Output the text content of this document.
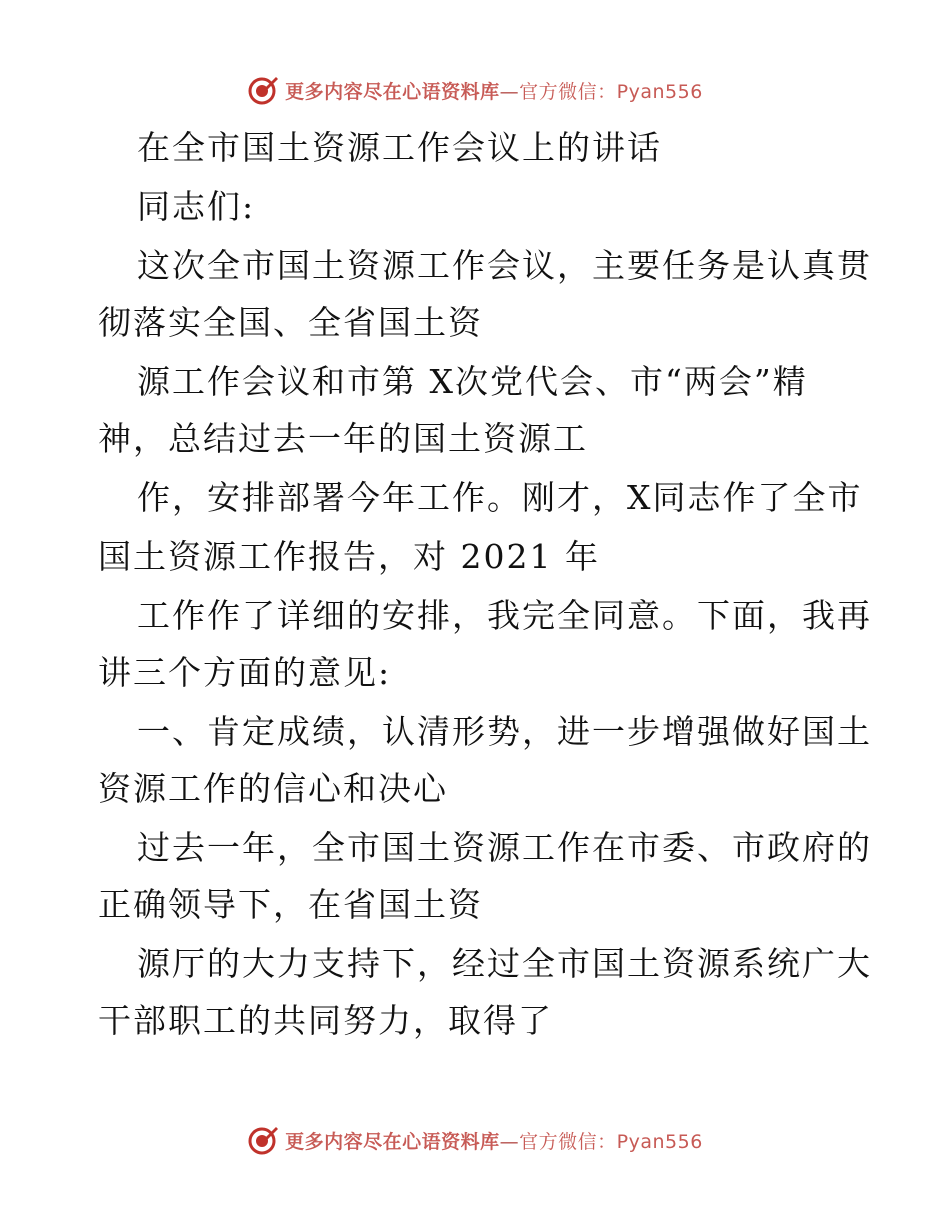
更多内容尽在心语资料库—官方微信：Pyan556
在全市国土资源工作会议上的讲话
同志们:
这次全市国土资源工作会议，主要任务是认真贯
彻落实全国、全省国土资
源工作会议和市第 X次党代会、市“两会”精
神，总结过去一年的国土资源工
作，安排部署今年工作。刚才，X同志作了全市
国土资源工作报告，对 2021 年
工作作了详细的安排，我完全同意。下面，我再
讲三个方面的意见:
一、肯定成绩，认清形势，进一步增强做好国土
资源工作的信心和决心
过去一年，全市国土资源工作在市委、市政府的
正确领导下，在省国土资
源厅的大力支持下，经过全市国土资源系统广大
干部职工的共同努力，取得了
更多内容尽在心语资料库—官方微信：Pyan556
